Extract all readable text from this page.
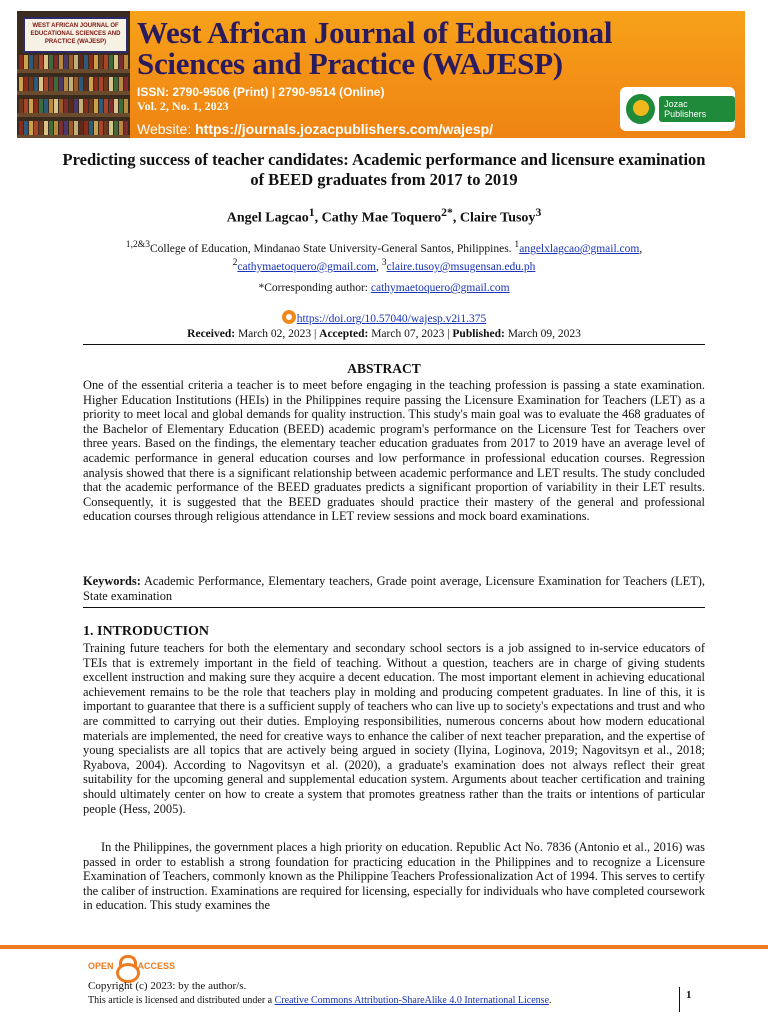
WEST AFRICAN JOURNAL OF EDUCATIONAL SCIENCES AND PRACTICE (WAJESP) West African Journal of Educational
Sciences and Practice (WAJESP)
ISSN: 2790-9506 (Print) | 2790-9514 (Online)
Vol. 2, No. 1, 2023
Website: https://journals.jozacpublishers.com/wajesp/
Jozac Publishers
Predicting success of teacher candidates: Academic performance and licensure examination of BEED graduates from 2017 to 2019
Angel Lagcao$^1$, Cathy Mae Toquero$^{2*}$, Claire Tusoy$^3$
$^{1,2\&3}$College of Education, Mindanao State University-General Santos, Philippines. $^1$angelxlagcao@gmail.com,
$^2$cathymaetoquero@gmail.com, $^3$claire.tusoy@msugensan.edu.ph
*Corresponding author: cathymaetoquero@gmail.com
https://doi.org/10.57040/wajesp.v2i1.375
Received: March 02, 2023 | Accepted: March 07, 2023 | Published: March 09, 2023
ABSTRACT
One of the essential criteria a teacher is to meet before engaging in the teaching profession is passing a state examination. Higher Education Institutions (HEIs) in the Philippines require passing the Licensure Examination for Teachers (LET) as a priority to meet local and global demands for quality instruction. This study's main goal was to evaluate the 468 graduates of the Bachelor of Elementary Education (BEED) academic program's performance on the Licensure Test for Teachers over three years. Based on the findings, the elementary teacher education graduates from 2017 to 2019 have an average level of academic performance in general education courses and low performance in professional education courses. Regression analysis showed that there is a significant relationship between academic performance and LET results. The study concluded that the academic performance of the BEED graduates predicts a significant proportion of variability in their LET results. Consequently, it is suggested that the BEED graduates should practice their mastery of the general and professional education courses through religious attendance in LET review sessions and mock board examinations.
Keywords: Academic Performance, Elementary teachers, Grade point average, Licensure Examination for Teachers (LET), State examination
1. INTRODUCTION
Training future teachers for both the elementary and secondary school sectors is a job assigned to in-service educators of TEIs that is extremely important in the field of teaching. Without a question, teachers are in charge of giving students excellent instruction and making sure they acquire a decent education. The most important element in achieving educational achievement remains to be the role that teachers play in molding and producing competent graduates. In line of this, it is important to guarantee that there is a sufficient supply of teachers who can live up to society's expectations and trust and who are committed to carrying out their duties. Employing responsibilities, numerous concerns about how modern educational materials are implemented, the need for creative ways to enhance the caliber of next teacher preparation, and the expertise of young specialists are all topics that are actively being argued in society (Ilyina, Loginova, 2019; Nagovitsyn et al., 2018; Ryabova, 2004). According to Nagovitsyn et al. (2020), a graduate's examination does not always reflect their great suitability for the upcoming general and supplemental education system. Arguments about teacher certification and training should ultimately center on how to create a system that promotes greatness rather than the traits or intentions of particular people (Hess, 2005).
In the Philippines, the government places a high priority on education. Republic Act No. 7836 (Antonio et al., 2016) was passed in order to establish a strong foundation for practicing education in the Philippines and to recognize a Licensure Examination of Teachers, commonly known as the Philippine Teachers Professionalization Act of 1994. This serves to certify the caliber of instruction. Examinations are required for licensing, especially for individuals who have completed coursework in education. This study examines the
OPEN	ACCESS
Copyright (c) 2023: by the author/s.
This article is licensed and distributed under a Creative Commons Attribution-ShareAlike 4.0 International License.	1
